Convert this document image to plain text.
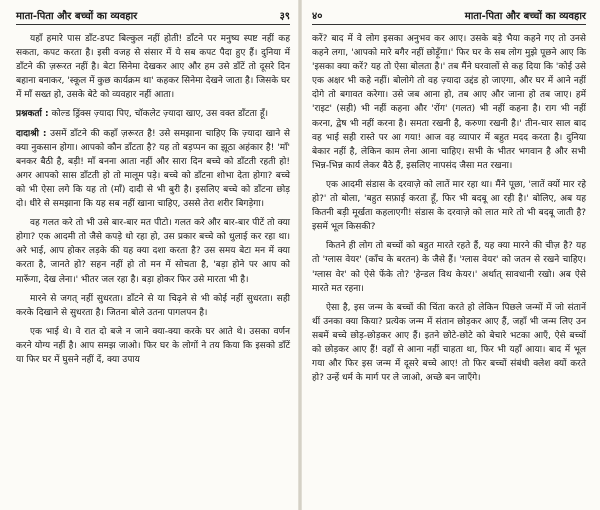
माता-पिता और बच्चों का व्यवहार	३९

यहाँ हमारे पास डाँट-डपट बिल्कुल नहीं होती! डाँटने पर मनुष्य स्पष्ट नहीं कह सकता, कपट करता है। इसी वजह से संसार में ये सब कपट पैदा हुए हैं। दुनिया में डाँटने की ज़रूरत नहीं है। बेटा सिनेमा देखकर आए और हम उसे डाँटें तो दूसरे दिन बहाना बनाकर, 'स्कूल में कुछ कार्यक्रम था' कहकर सिनेमा देखने जाता है। जिसके घर में माँ सख्त हो, उसके बेटे को व्यवहार नहीं आता।

प्रश्नकर्ता : कोल्ड ड्रिंक्स ज़्यादा पिए, चॉकलेट ज़्यादा खाए, उस वक्त डाँटता हूँ।

दादाश्री : उसमें डाँटने की कहाँ ज़रूरत है! उसे समझाना चाहिए कि ज़्यादा खाने से क्या नुकसान होगा। आपको कौन डाँटता है? यह तो बड़प्पन का झूठा अहंकार है! 'माँ' बनकर बैठी है, बड़ी! माँ बनना आता नहीं और सारा दिन बच्चे को डाँटती रहती हो! अगर आपको सास डाँटती हो तो मालूम पड़े। बच्चे को डाँटना शोभा देता होगा? बच्चे को भी ऐसा लगे कि यह तो (माँ) दादी से भी बुरी है। इसलिए बच्चे को डाँटना छोड़ दो। धीरे से समझाना कि यह सब नहीं खाना चाहिए, उससे तेरा शरीर बिगड़ेगा।

वह गलत करे तो भी उसे बार-बार मत पीटो। गलत करे और बार-बार पीटें तो क्या होगा? एक आदमी तो जैसे कपड़े धो रहा हो, उस प्रकार बच्चे को धुलाई कर रहा था। अरे भाई, आप होकर लड़के की यह क्या दशा करता है? उस समय बेटा मन में क्या करता है, जानते हो? सहन नहीं हो तो मन में सोचता है, 'बड़ा होने पर आप को मारूँगा, देख लेना।' भीतर जल रहा है। बड़ा होकर फिर उसे मारता भी है।

मारने से जगत् नहीं सुधरता। डाँटने से या चिढ़ने से भी कोई नहीं सुधरता। सही करके दिखाने से सुधरता है। जितना बोले उतना पागलपन है।

एक भाई थे। वे रात दो बजे न जाने क्या-क्या करके घर आते थे। उसका वर्णन करने योग्य नहीं है। आप समझ जाओ। फिर घर के लोगों ने तय किया कि इसको डाँटें या फिर घर में घुसने नहीं दें, क्या उपाय

४०	माता-पिता और बच्चों का व्यवहार

करें? बाद में वे लोग इसका अनुभव कर आए। उसके बड़े भैया कहने गए तो उनसे कहने लगा, 'आपको मारे बगैर नहीं छोड़ूँगा।' फिर घर के सब लोग मुझे पूछने आए कि 'इसका क्या करें? यह तो ऐसा बोलता है।' तब मैंने घरवालों से कह दिया कि 'कोई उसे एक अक्षर भी कहे नहीं। बोलोगे तो वह ज़्यादा उद्दंड हो जाएगा, और घर में आने नहीं दोगे तो बगावत करेगा। उसे जब आना हो, तब आए और जाना हो तब जाए। हमें 'राइट' (सही) भी नहीं कहना और 'रोंग' (गलत) भी नहीं कहना है। राग भी नहीं करना, द्वेष भी नहीं करना है। समता रखनी है, करुणा रखनी है।' तीन-चार साल बाद वह भाई सही रास्ते पर आ गया! आज वह व्यापार में बहुत मदद करता है। दुनिया बेकार नहीं है, लेकिन काम लेना आना चाहिए। सभी के भीतर भगवान है और सभी भिन्न-भिन्न कार्य लेकर बैठे हैं, इसलिए नापसंद जैसा मत रखना।

एक आदमी संडास के दरवाज़े को लातें मार रहा था। मैंने पूछा, 'लातें क्यों मार रहे हो?' तो बोला, 'बहुत सफ़ाई करता हूँ, फिर भी बदबू आ रही है।' बोलिए, अब यह कितनी बड़ी मूर्खता कहलाएगी! संडास के दरवाज़े को लात मारे तो भी बदबू जाती है? इसमें भूल किसकी?

कितने ही लोग तो बच्चों को बहुत मारते रहते हैं, यह क्या मारने की चीज़ है? यह तो 'ग्लास वेयर' (काँच के बरतन) के जैसे हैं। 'ग्लास वेयर' को जतन से रखने चाहिए। 'ग्लास वेर' को ऐसे फेंके तो? 'हेन्डल विथ केयर।' अर्थात् सावधानी रखो। अब ऐसे मारते मत रहना।

ऐसा है, इस जन्म के बच्चों की चिंता करते हो लेकिन पिछले जन्मों में जो संतानें थीं उनका क्या किया? प्रत्येक जन्म में संतान छोड़कर आए हैं, जहाँ भी जन्म लिए उन सबमें बच्चे छोड़-छोड़कर आए हैं। इतने छोटे-छोटे को बेचारे भटका आएँ, ऐसे बच्चों को छोड़कर आए हैं! वहाँ से आना नहीं चाहता था, फिर भी यहाँ आया। बाद में भूल गया और फिर इस जन्म में दूसरे बच्चे आए! तो फिर बच्चों संबंधी क्लेश क्यों करते हो? उन्हें धर्म के मार्ग पर ले जाओ, अच्छे बन जाएँगे।
